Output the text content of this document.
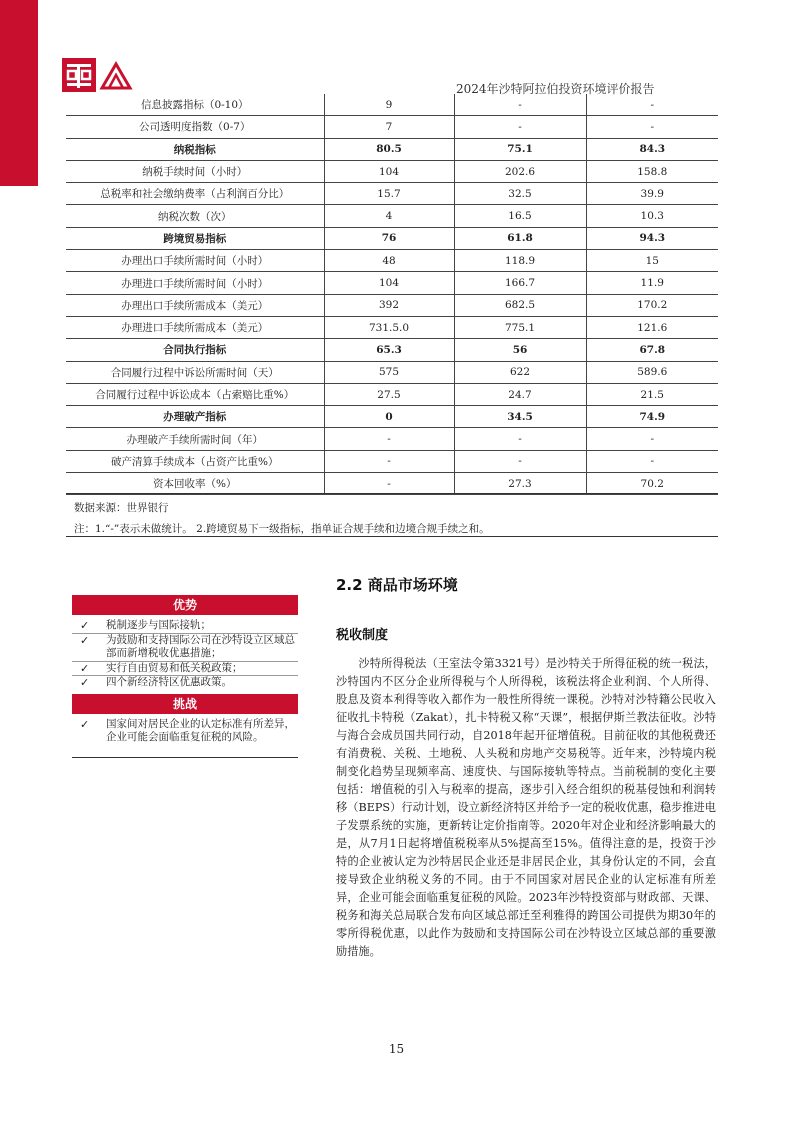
2024年沙特阿拉伯投资环境评价报告
信息披露指标（0-10）	9	-	-
公司透明度指数（0-7）	7	-	-
纳税指标	80.5	75.1	84.3
纳税手续时间（小时）	104	202.6	158.8
总税率和社会缴纳费率（占利润百分比）	15.7	32.5	39.9
纳税次数（次）	4	16.5	10.3
跨境贸易指标	76	61.8	94.3
办理出口手续所需时间（小时）	48	118.9	15
办理进口手续所需时间（小时）	104	166.7	11.9
办理出口手续所需成本（美元）	392	682.5	170.2
办理进口手续所需成本（美元）	731.5.0	775.1	121.6
合同执行指标	65.3	56	67.8
合同履行过程中诉讼所需时间（天）	575	622	589.6
合同履行过程中诉讼成本（占索赔比重%）	27.5	24.7	21.5
办理破产指标	0	34.5	74.9
办理破产手续所需时间（年）	-	-	-
破产清算手续成本（占资产比重%）	-	-	-
资本回收率（%）	-	27.3	70.2
数据来源：世界银行
注：1.“-”表示未做统计。 2.跨境贸易下一级指标，指单证合规手续和边境合规手续之和。
优势
✓	税制逐步与国际接轨；
✓	为鼓励和支持国际公司在沙特设立区域总部而新增税收优惠措施；
✓	实行自由贸易和低关税政策；
✓	四个新经济特区优惠政策。
挑战
✓	国家间对居民企业的认定标准有所差异，企业可能会面临重复征税的风险。
2.2 商品市场环境
税收制度
沙特所得税法（王室法令第3321号）是沙特关于所得征税的统一税法，沙特国内不区分企业所得税与个人所得税，该税法将企业利润、个人所得、股息及资本利得等收入都作为一般性所得统一课税。沙特对沙特籍公民收入征收扎卡特税（Zakat），扎卡特税又称“天课”，根据伊斯兰教法征收。沙特与海合会成员国共同行动，自2018年起开征增值税。目前征收的其他税费还有消费税、关税、土地税、人头税和房地产交易税等。近年来，沙特境内税制变化趋势呈现频率高、速度快、与国际接轨等特点。当前税制的变化主要包括：增值税的引入与税率的提高，逐步引入经合组织的税基侵蚀和利润转移（BEPS）行动计划，设立新经济特区并给予一定的税收优惠，稳步推进电子发票系统的实施，更新转让定价指南等。2020年对企业和经济影响最大的是，从7月1日起将增值税税率从5%提高至15%。值得注意的是，投资于沙特的企业被认定为沙特居民企业还是非居民企业，其身份认定的不同，会直接导致企业纳税义务的不同。由于不同国家对居民企业的认定标准有所差异，企业可能会面临重复征税的风险。2023年沙特投资部与财政部、天课、税务和海关总局联合发布向区域总部迁至利雅得的跨国公司提供为期30年的零所得税优惠，以此作为鼓励和支持国际公司在沙特设立区域总部的重要激励措施。
15
